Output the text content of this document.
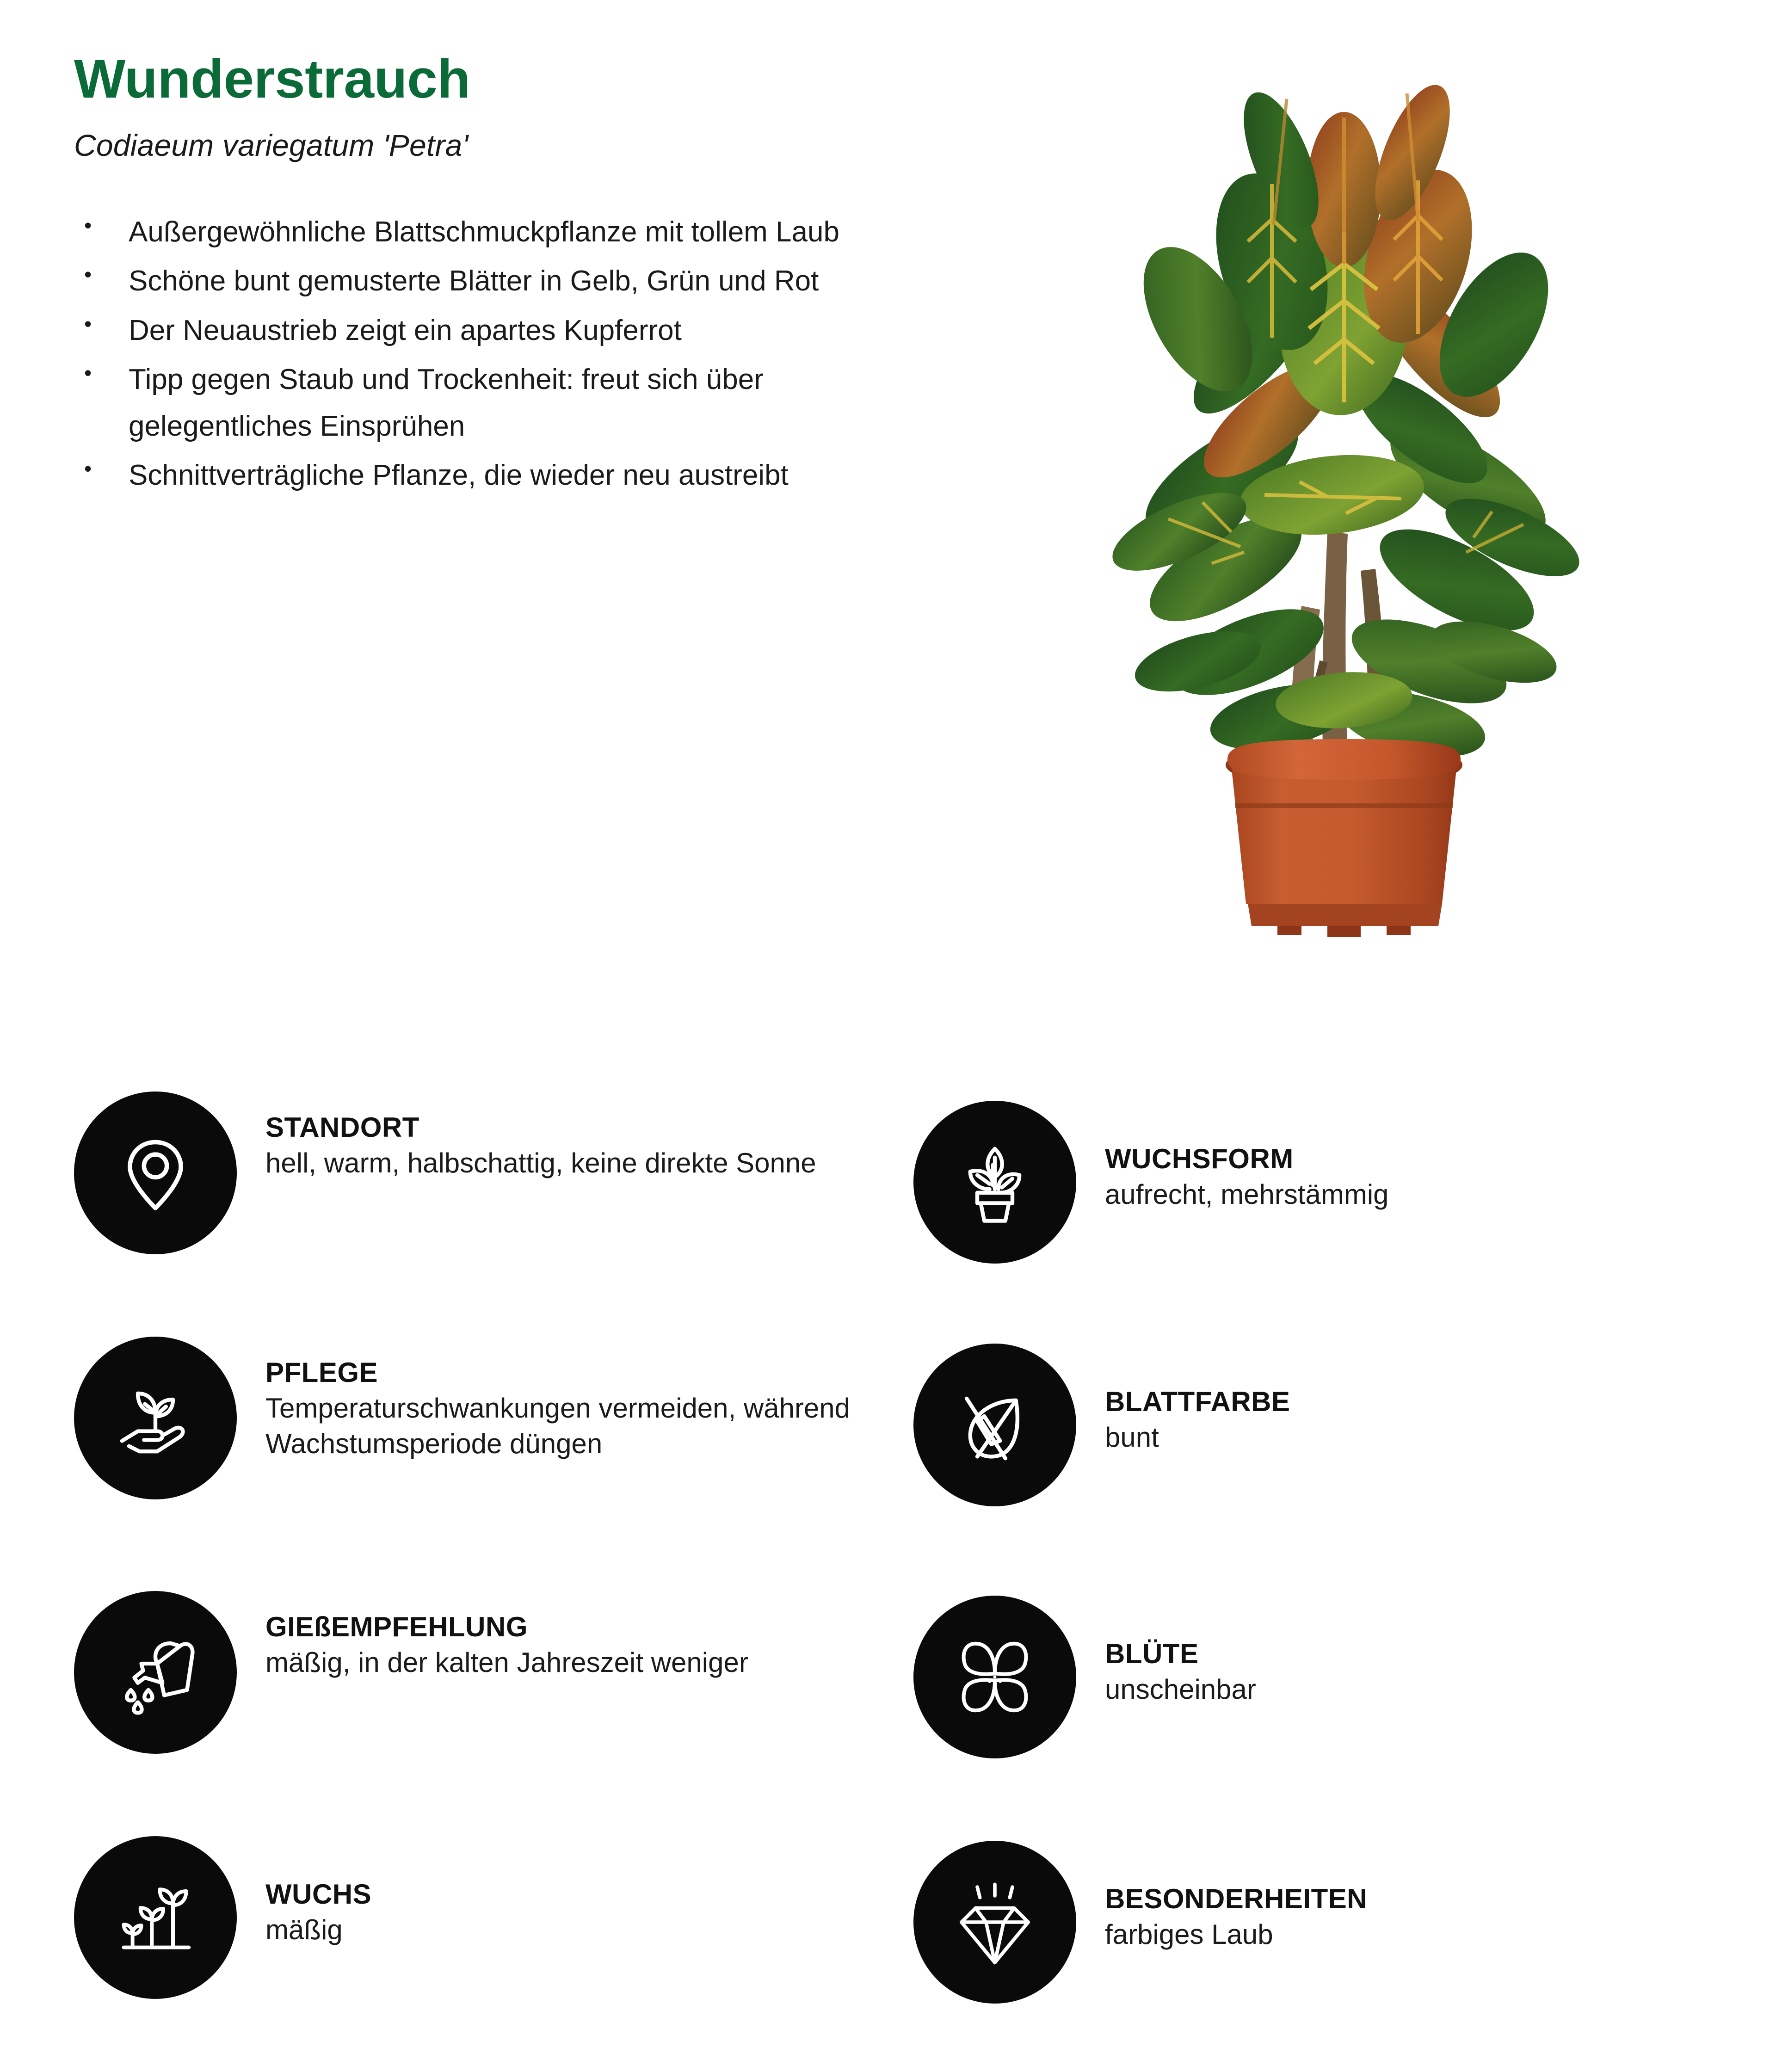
Wunderstrauch
Codiaeum variegatum 'Petra'
• Außergewöhnliche Blattschmuckpflanze mit tollem Laub
• Schöne bunt gemusterte Blätter in Gelb, Grün und Rot
• Der Neuaustrieb zeigt ein apartes Kupferrot
• Tipp gegen Staub und Trockenheit: freut sich über gelegentliches Einsprühen
• Schnittverträgliche Pflanze, die wieder neu austreibt
STANDORT
hell, warm, halbschattig, keine direkte Sonne
PFLEGE
Temperaturschwankungen vermeiden, während Wachstumsperiode düngen
GIEßEMPFEHLUNG
mäßig, in der kalten Jahreszeit weniger
WUCHS
mäßig
WUCHSFORM
aufrecht, mehrstämmig
BLATTFARBE
bunt
BLÜTE
unscheinbar
BESONDERHEITEN
farbiges Laub
